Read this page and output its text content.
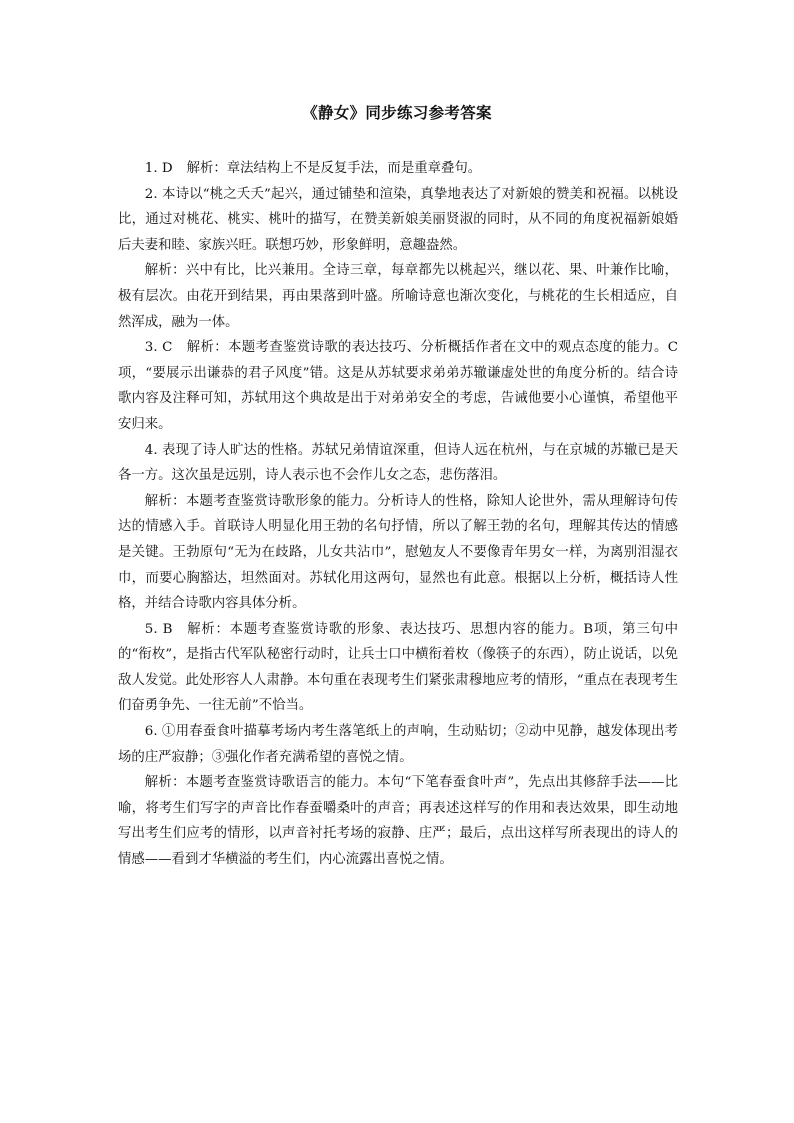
《静女》同步练习参考答案

1. D 解析：章法结构上不是反复手法，而是重章叠句。

2. 本诗以“桃之夭夭”起兴，通过铺垫和渲染，真挚地表达了对新娘的赞美和祝福。以桃设比，通过对桃花、桃实、桃叶的描写，在赞美新娘美丽贤淑的同时，从不同的角度祝福新娘婚后夫妻和睦、家族兴旺。联想巧妙，形象鲜明，意趣盎然。

解析：兴中有比，比兴兼用。全诗三章，每章都先以桃起兴，继以花、果、叶兼作比喻，极有层次。由花开到结果，再由果落到叶盛。所喻诗意也渐次变化，与桃花的生长相适应，自然浑成，融为一体。

3. C 解析：本题考查鉴赏诗歌的表达技巧、分析概括作者在文中的观点态度的能力。C项，“要展示出谦恭的君子风度”错。这是从苏轼要求弟弟苏辙谦虚处世的角度分析的。结合诗歌内容及注释可知，苏轼用这个典故是出于对弟弟安全的考虑，告诫他要小心谨慎，希望他平安归来。

4. 表现了诗人旷达的性格。苏轼兄弟情谊深重，但诗人远在杭州，与在京城的苏辙已是天各一方。这次虽是远别，诗人表示也不会作儿女之态，悲伤落泪。

解析：本题考查鉴赏诗歌形象的能力。分析诗人的性格，除知人论世外，需从理解诗句传达的情感入手。首联诗人明显化用王勃的名句抒情，所以了解王勃的名句，理解其传达的情感是关键。王勃原句“无为在歧路，儿女共沾巾”，慰勉友人不要像青年男女一样，为离别泪湿衣巾，而要心胸豁达，坦然面对。苏轼化用这两句，显然也有此意。根据以上分析，概括诗人性格，并结合诗歌内容具体分析。

5. B 解析：本题考查鉴赏诗歌的形象、表达技巧、思想内容的能力。B项，第三句中的“衔枚”，是指古代军队秘密行动时，让兵士口中横衔着枚（像筷子的东西），防止说话，以免敌人发觉。此处形容人人肃静。本句重在表现考生们紧张肃穆地应考的情形，“重点在表现考生们奋勇争先、一往无前”不恰当。

6. ①用春蚕食叶描摹考场内考生落笔纸上的声响，生动贴切；②动中见静，越发体现出考场的庄严寂静；③强化作者充满希望的喜悦之情。

解析：本题考查鉴赏诗歌语言的能力。本句“下笔春蚕食叶声”，先点出其修辞手法——比喻，将考生们写字的声音比作春蚕嚼桑叶的声音；再表述这样写的作用和表达效果，即生动地写出考生们应考的情形，以声音衬托考场的寂静、庄严；最后，点出这样写所表现出的诗人的情感——看到才华横溢的考生们，内心流露出喜悦之情。
